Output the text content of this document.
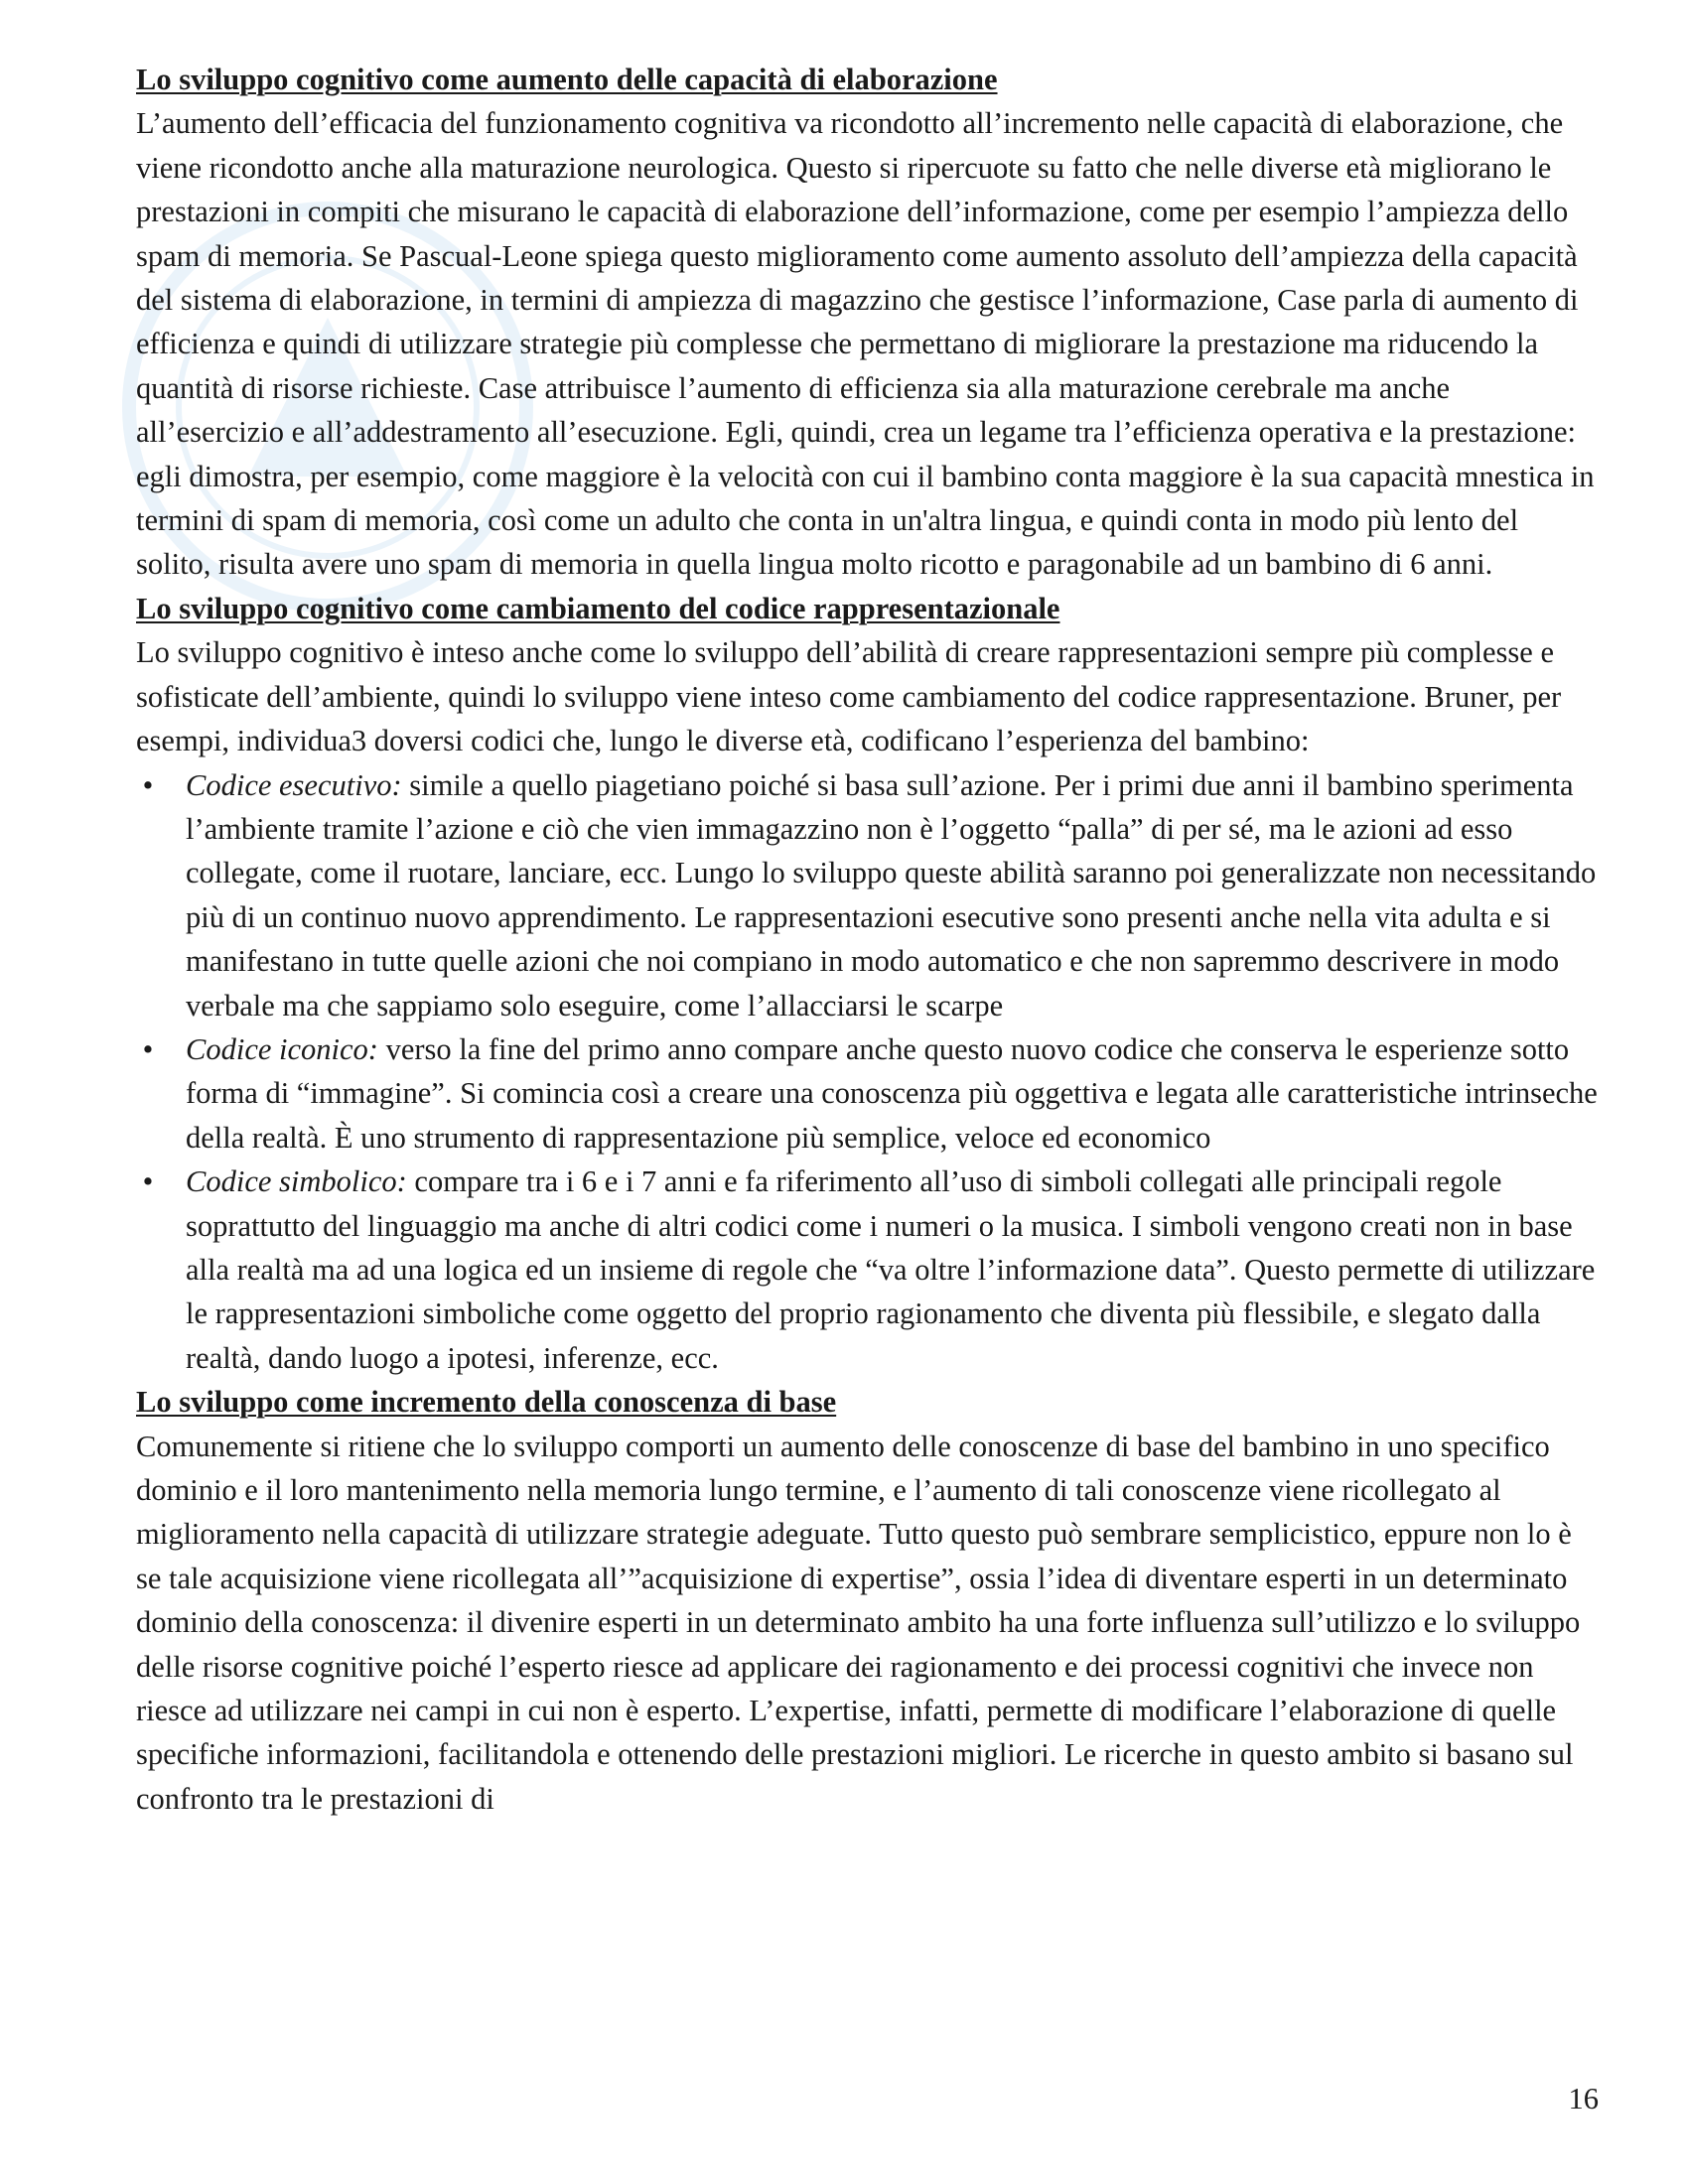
Lo sviluppo cognitivo come aumento delle capacità di elaborazione

L’aumento dell’efficacia del funzionamento cognitiva va ricondotto all’incremento nelle capacità di elaborazione, che viene ricondotto anche alla maturazione neurologica. Questo si ripercuote su fatto che nelle diverse età migliorano le prestazioni in compiti che misurano le capacità di elaborazione dell’informazione, come per esempio l’ampiezza dello spam di memoria. Se Pascual-Leone spiega questo miglioramento come aumento assoluto dell’ampiezza della capacità del sistema di elaborazione, in termini di ampiezza di magazzino che gestisce l’informazione, Case parla di aumento di efficienza e quindi di utilizzare strategie più complesse che permettano di migliorare la prestazione ma riducendo la quantità di risorse richieste. Case attribuisce l’aumento di efficienza sia alla maturazione cerebrale ma anche all’esercizio e all’addestramento all’esecuzione. Egli, quindi, crea un legame tra l’efficienza operativa e la prestazione: egli dimostra, per esempio, come maggiore è la velocità con cui il bambino conta maggiore è la sua capacità mnestica in termini di spam di memoria, così come un adulto che conta in un'altra lingua, e quindi conta in modo più lento del solito, risulta avere uno spam di memoria in quella lingua molto ricotto e paragonabile ad un bambino di 6 anni.

Lo sviluppo cognitivo come cambiamento del codice rappresentazionale

Lo sviluppo cognitivo è inteso anche come lo sviluppo dell’abilità di creare rappresentazioni sempre più complesse e sofisticate dell’ambiente, quindi lo sviluppo viene inteso come cambiamento del codice rappresentazione. Bruner, per esempi, individua3 doversi codici che, lungo le diverse età, codificano l’esperienza del bambino:

• Codice esecutivo: simile a quello piagetiano poiché si basa sull’azione. Per i primi due anni il bambino sperimenta l’ambiente tramite l’azione e ciò che vien immagazzino non è l’oggetto “palla” di per sé, ma le azioni ad esso collegate, come il ruotare, lanciare, ecc. Lungo lo sviluppo queste abilità saranno poi generalizzate non necessitando più di un continuo nuovo apprendimento. Le rappresentazioni esecutive sono presenti anche nella vita adulta e si manifestano in tutte quelle azioni che noi compiano in modo automatico e che non sapremmo descrivere in modo verbale ma che sappiamo solo eseguire, come l’allacciarsi le scarpe
• Codice iconico: verso la fine del primo anno compare anche questo nuovo codice che conserva le esperienze sotto forma di “immagine”. Si comincia così a creare una conoscenza più oggettiva e legata alle caratteristiche intrinseche della realtà. È uno strumento di rappresentazione più semplice, veloce ed economico
• Codice simbolico: compare tra i 6 e i 7 anni e fa riferimento all’uso di simboli collegati alle principali regole soprattutto del linguaggio ma anche di altri codici come i numeri o la musica. I simboli vengono creati non in base alla realtà ma ad una logica ed un insieme di regole che “va oltre l’informazione data”. Questo permette di utilizzare le rappresentazioni simboliche come oggetto del proprio ragionamento che diventa più flessibile, e slegato dalla realtà, dando luogo a ipotesi, inferenze, ecc.
Lo sviluppo come incremento della conoscenza di base

Comunemente si ritiene che lo sviluppo comporti un aumento delle conoscenze di base del bambino in uno specifico dominio e il loro mantenimento nella memoria lungo termine, e l’aumento di tali conoscenze viene ricollegato al miglioramento nella capacità di utilizzare strategie adeguate. Tutto questo può sembrare semplicistico, eppure non lo è se tale acquisizione viene ricollegata all’”acquisizione di expertise”, ossia l’idea di diventare esperti in un determinato dominio della conoscenza: il divenire esperti in un determinato ambito ha una forte influenza sull’utilizzo e lo sviluppo delle risorse cognitive poiché l’esperto riesce ad applicare dei ragionamento e dei processi cognitivi che invece non riesce ad utilizzare nei campi in cui non è esperto. L’expertise, infatti, permette di modificare l’elaborazione di quelle specifiche informazioni, facilitandola e ottenendo delle prestazioni migliori. Le ricerche in questo ambito si basano sul confronto tra le prestazioni di

16
